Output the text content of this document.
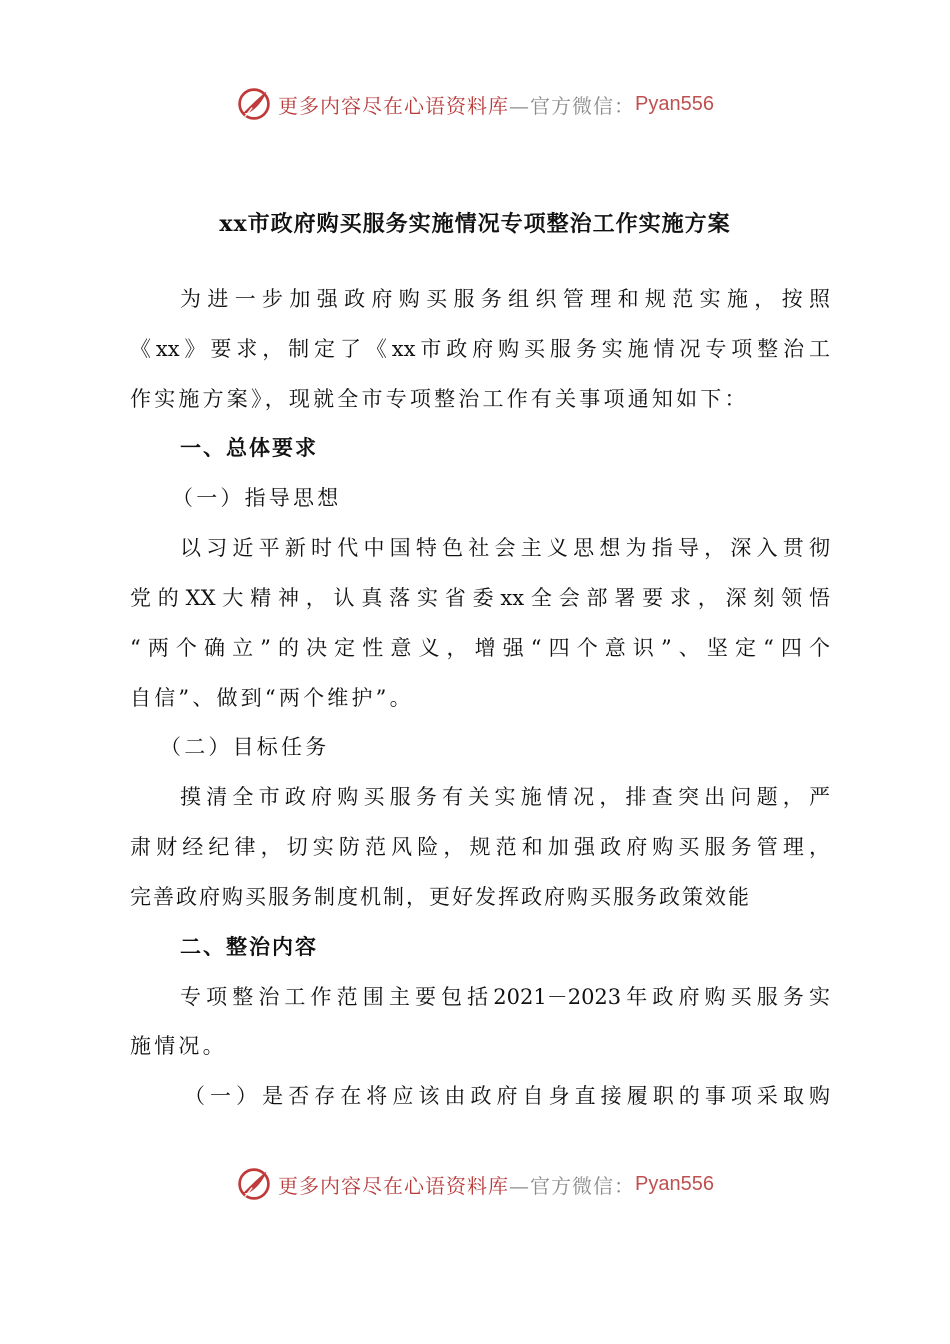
更多内容尽在心语资料库 —官方微信： Pyan556
xx市政府购买服务实施情况专项整治工作实施方案
为进一步加强政府购买服务组织管理和规范实施，按照
《xx》要求，制定了《xx市政府购买服务实施情况专项整治工
作实施方案》，现就全市专项整治工作有关事项通知如下：
一、总体要求
（一）指导思想
以习近平新时代中国特色社会主义思想为指导，深入贯彻
党的XX大精神，认真落实省委xx全会部署要求，深刻领悟
“两个确立”的决定性意义，增强“四个意识”、坚定“四个
自信”、做到“两个维护”。
（二）目标任务
摸清全市政府购买服务有关实施情况，排查突出问题，严
肃财经纪律，切实防范风险，规范和加强政府购买服务管理，
完善政府购买服务制度机制，更好发挥政府购买服务政策效能
二、整治内容
专项整治工作范围主要包括2021－2023年政府购买服务实
施情况。
（一）是否存在将应该由政府自身直接履职的事项采取购
更多内容尽在心语资料库 —官方微信： Pyan556
